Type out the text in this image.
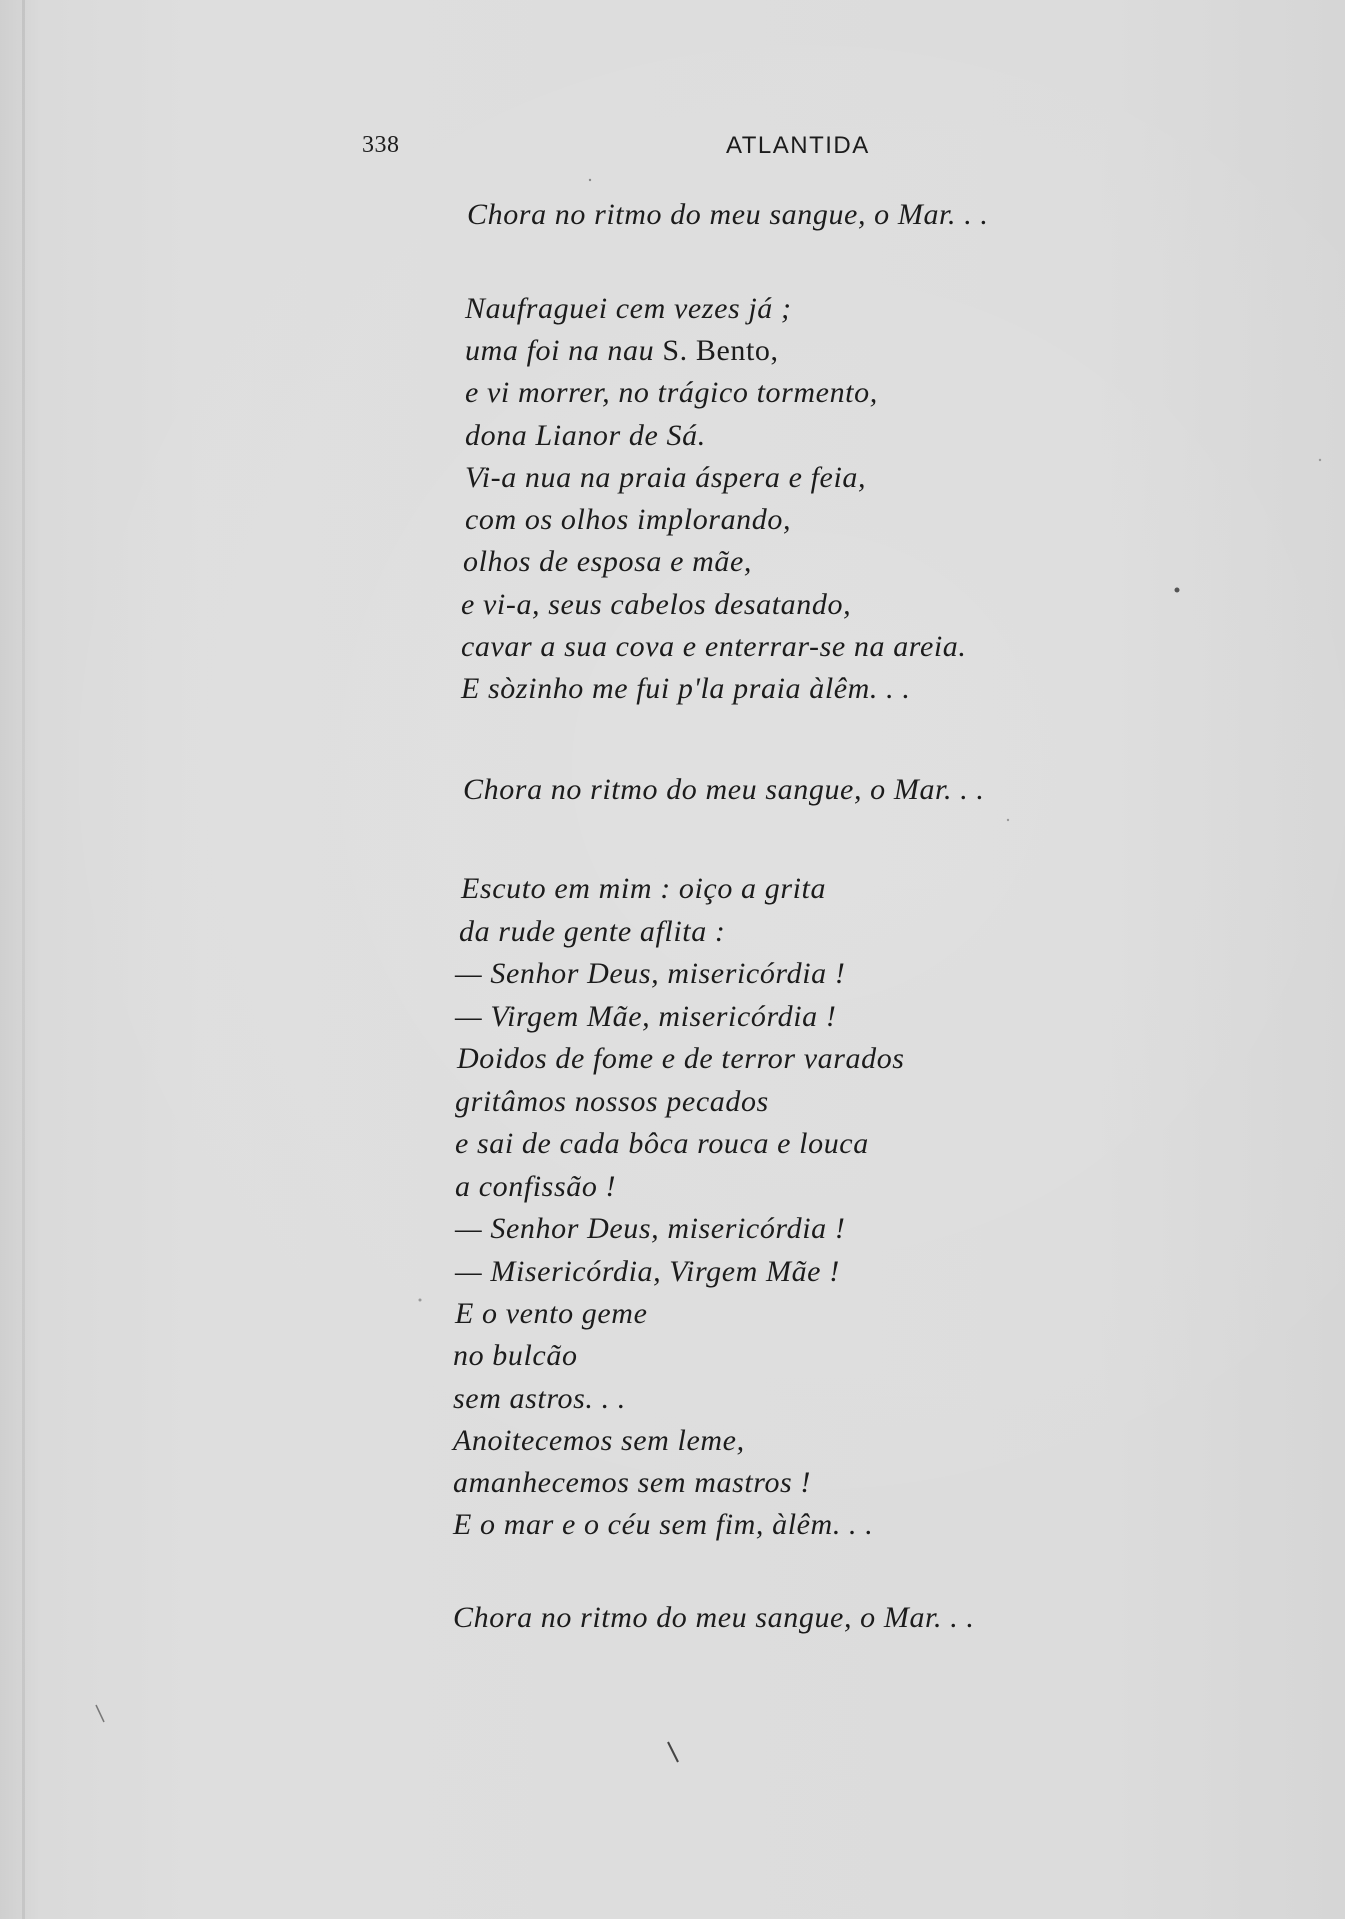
338	ATLANTIDA
Chora no ritmo do meu sangue, o Mar. . .
Naufraguei cem vezes já ;
uma foi na nau S. Bento,
e vi morrer, no trágico tormento,
dona Lianor de Sá.
Vi-a nua na praia áspera e feia,
com os olhos implorando,
olhos de esposa e mãe,
e vi-a, seus cabelos desatando,
cavar a sua cova e enterrar-se na areia.
E sòzinho me fui p'la praia àlêm. . .
Chora no ritmo do meu sangue, o Mar. . .
Escuto em mim : oiço a grita
da rude gente aflita :
— Senhor Deus, misericórdia !
— Virgem Mãe, misericórdia !
Doidos de fome e de terror varados
gritâmos nossos pecados
e sai de cada bôca rouca e louca
a confissão !
— Senhor Deus, misericórdia !
— Misericórdia, Virgem Mãe !
E o vento geme
no bulcão
sem astros. . .
Anoitecemos sem leme,
amanhecemos sem mastros !
E o mar e o céu sem fim, àlêm. . .
Chora no ritmo do meu sangue, o Mar. . .
